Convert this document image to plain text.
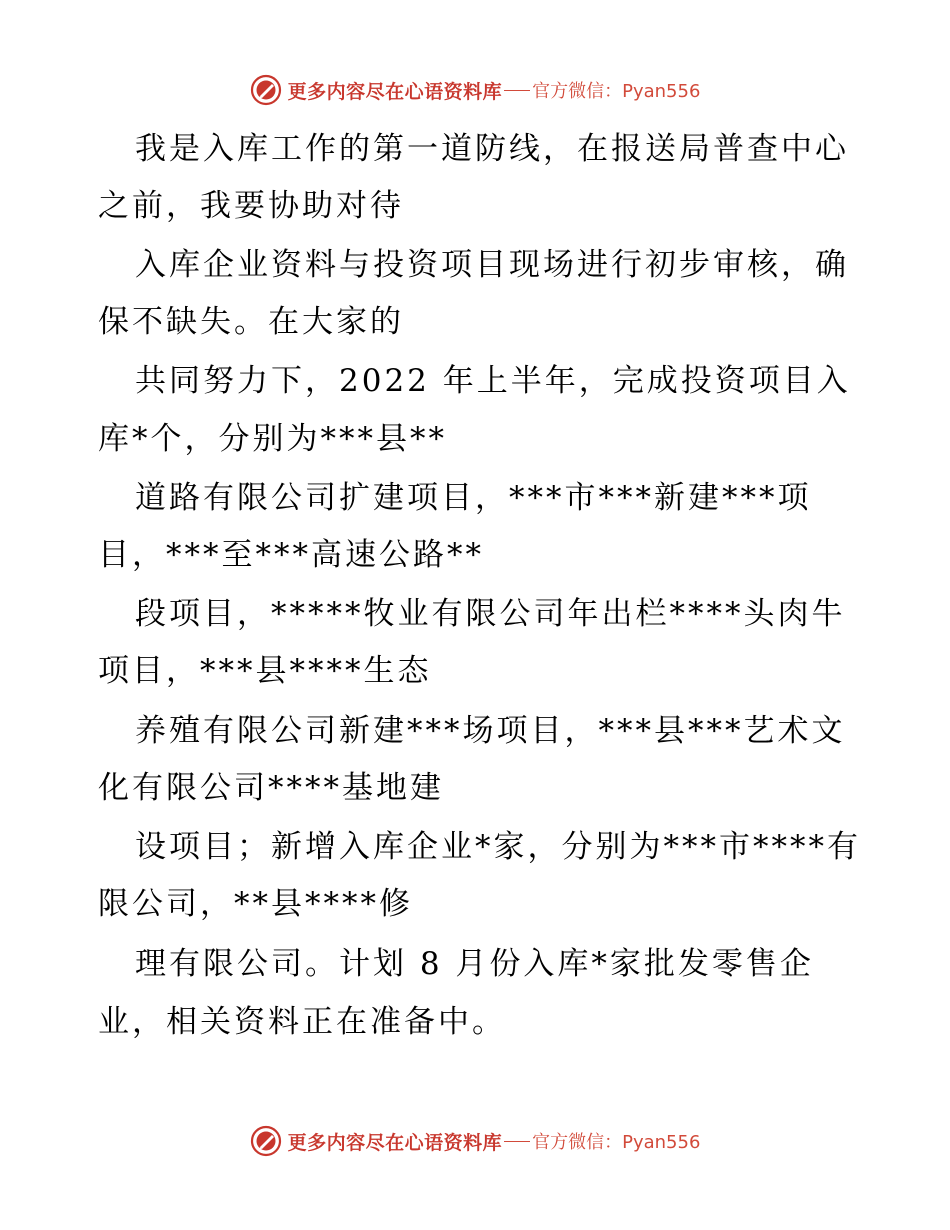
更多内容尽在心语资料库 官方微信：Pyan556
我是入库工作的第一道防线，在报送局普查中心
之前，我要协助对待
入库企业资料与投资项目现场进行初步审核，确
保不缺失。在大家的
共同努力下，2022 年上半年，完成投资项目入
库*个，分别为***县**
道路有限公司扩建项目，***市***新建***项
目，***至***高速公路**
段项目，*****牧业有限公司年出栏****头肉牛
项目，***县****生态
养殖有限公司新建***场项目，***县***艺术文
化有限公司****基地建
设项目；新增入库企业*家，分别为***市****有
限公司，**县****修
理有限公司。计划 8 月份入库*家批发零售企
业，相关资料正在准备中。
更多内容尽在心语资料库 官方微信：Pyan556
